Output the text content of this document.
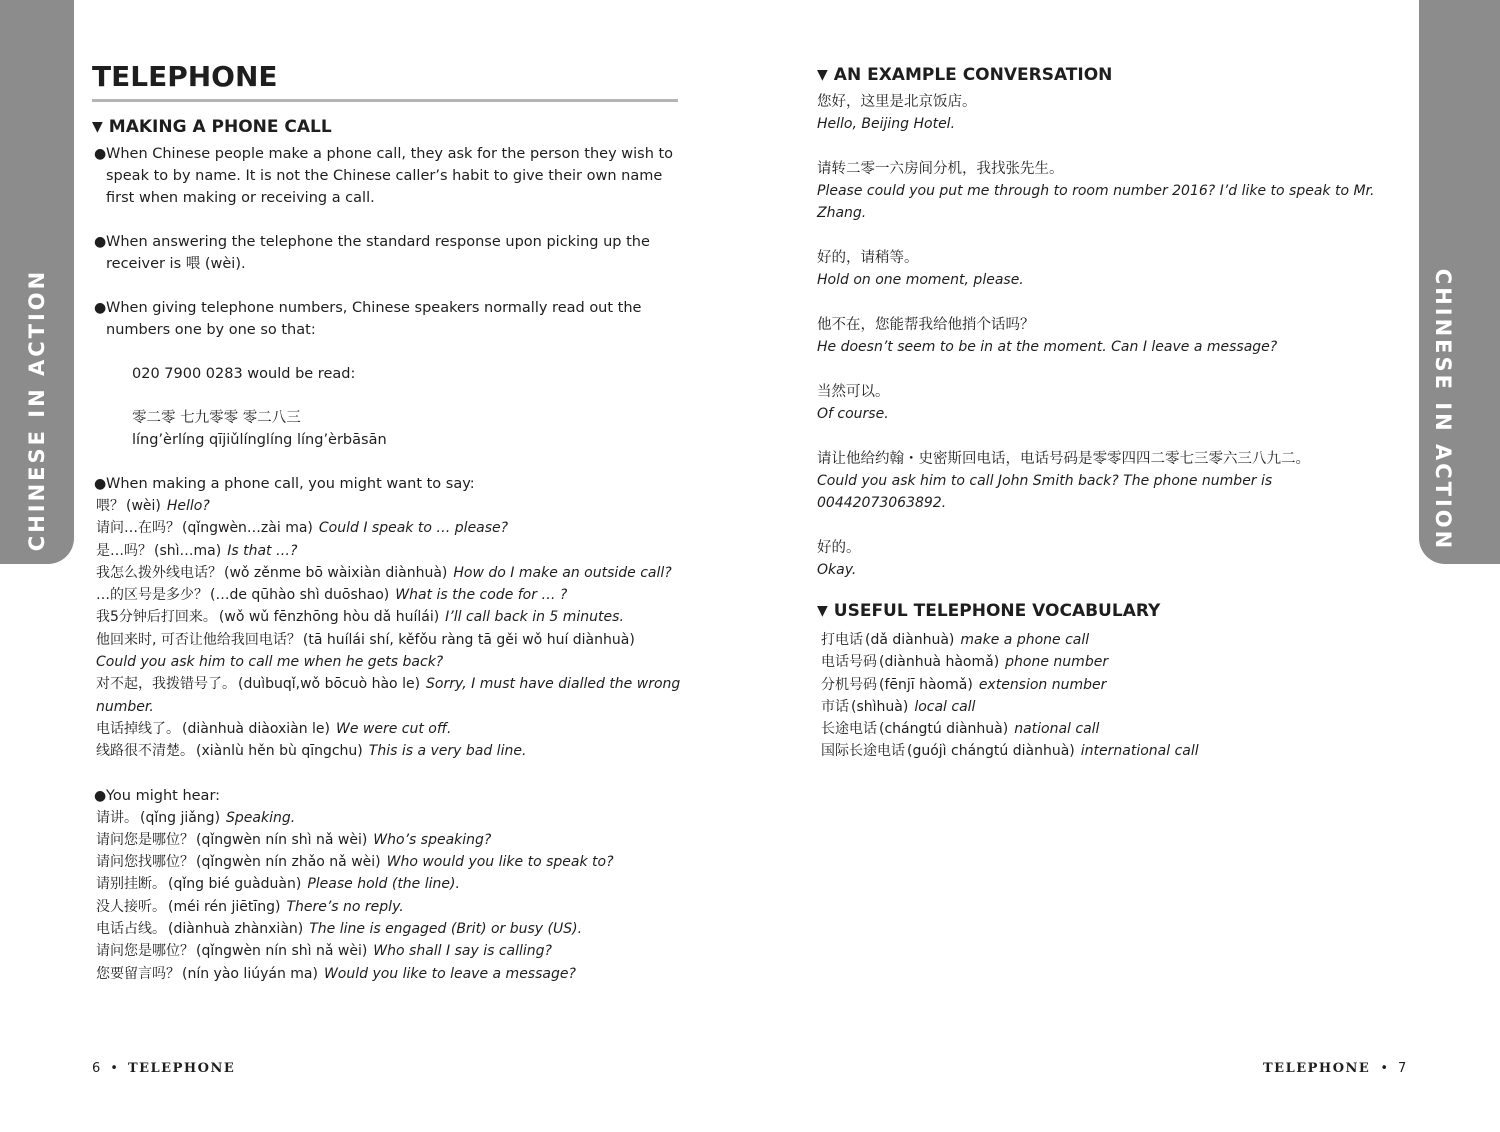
CHINESE IN ACTION	CHINESE IN ACTION
TELEPHONE
▼ MAKING A PHONE CALL
● When Chinese people make a phone call, they ask for the person they wish to speak to by name. It is not the Chinese caller’s habit to give their own name first when making or receiving a call.
● When answering the telephone the standard response upon picking up the receiver is 喂 (wèi).
● When giving telephone numbers, Chinese speakers normally read out the numbers one by one so that:
020 7900 0283 would be read:
零二零 七九零零 零二八三
líng’èrlíng qījiǔlínglíng líng’èrbāsān
● When making a phone call, you might want to say:
喂？ (wèi) Hello?
请问…在吗？ (qǐngwèn…zài ma) Could I speak to … please?
是…吗？ (shì…ma) Is that …?
我怎么拨外线电话？ (wǒ zěnme bō wàixiàn diànhuà) How do I make an outside call?
…的区号是多少？ (…de qūhào shì duōshao) What is the code for … ?
我5分钟后打回来。 (wǒ wǔ fēnzhōng hòu dǎ huílái) I’ll call back in 5 minutes.
他回来时, 可否让他给我回电话？ (tā huílái shí, kěfǒu ràng tā gěi wǒ huí diànhuà)
Could you ask him to call me when he gets back?
对不起，我拨错号了。 (duìbuqǐ,wǒ bōcuò hào le) Sorry, I must have dialled the wrong number.
电话掉线了。 (diànhuà diàoxiàn le) We were cut off.
线路很不清楚。 (xiànlù hěn bù qīngchu) This is a very bad line.
● You might hear:
请讲。 (qǐng jiǎng) Speaking.
请问您是哪位？ (qǐngwèn nín shì nǎ wèi) Who’s speaking?
请问您找哪位？ (qǐngwèn nín zhǎo nǎ wèi) Who would you like to speak to?
请别挂断。 (qǐng bié guàduàn) Please hold (the line).
没人接听。 (méi rén jiētīng) There’s no reply.
电话占线。 (diànhuà zhànxiàn) The line is engaged (Brit) or busy (US).
请问您是哪位？ (qǐngwèn nín shì nǎ wèi) Who shall I say is calling?
您要留言吗？ (nín yào liúyán ma) Would you like to leave a message?
▼ AN EXAMPLE CONVERSATION
您好，这里是北京饭店。
Hello, Beijing Hotel.
请转二零一六房间分机，我找张先生。
Please could you put me through to room number 2016? I’d like to speak to Mr. Zhang.
好的，请稍等。
Hold on one moment, please.
他不在，您能帮我给他捎个话吗？
He doesn’t seem to be in at the moment. Can I leave a message?
当然可以。
Of course.
请让他给约翰・史密斯回电话，电话号码是零零四四二零七三零六三八九二。
Could you ask him to call John Smith back? The phone number is 00442073063892.
好的。
Okay.
▼ USEFUL TELEPHONE VOCABULARY
打电话 (dǎ diànhuà) make a phone call
电话号码 (diànhuà hàomǎ) phone number
分机号码 (fēnjī hàomǎ) extension number
市话 (shìhuà) local call
长途电话 (chángtú diànhuà) national call
国际长途电话 (guójì chángtú diànhuà) international call
6 • TELEPHONE	TELEPHONE • 7
